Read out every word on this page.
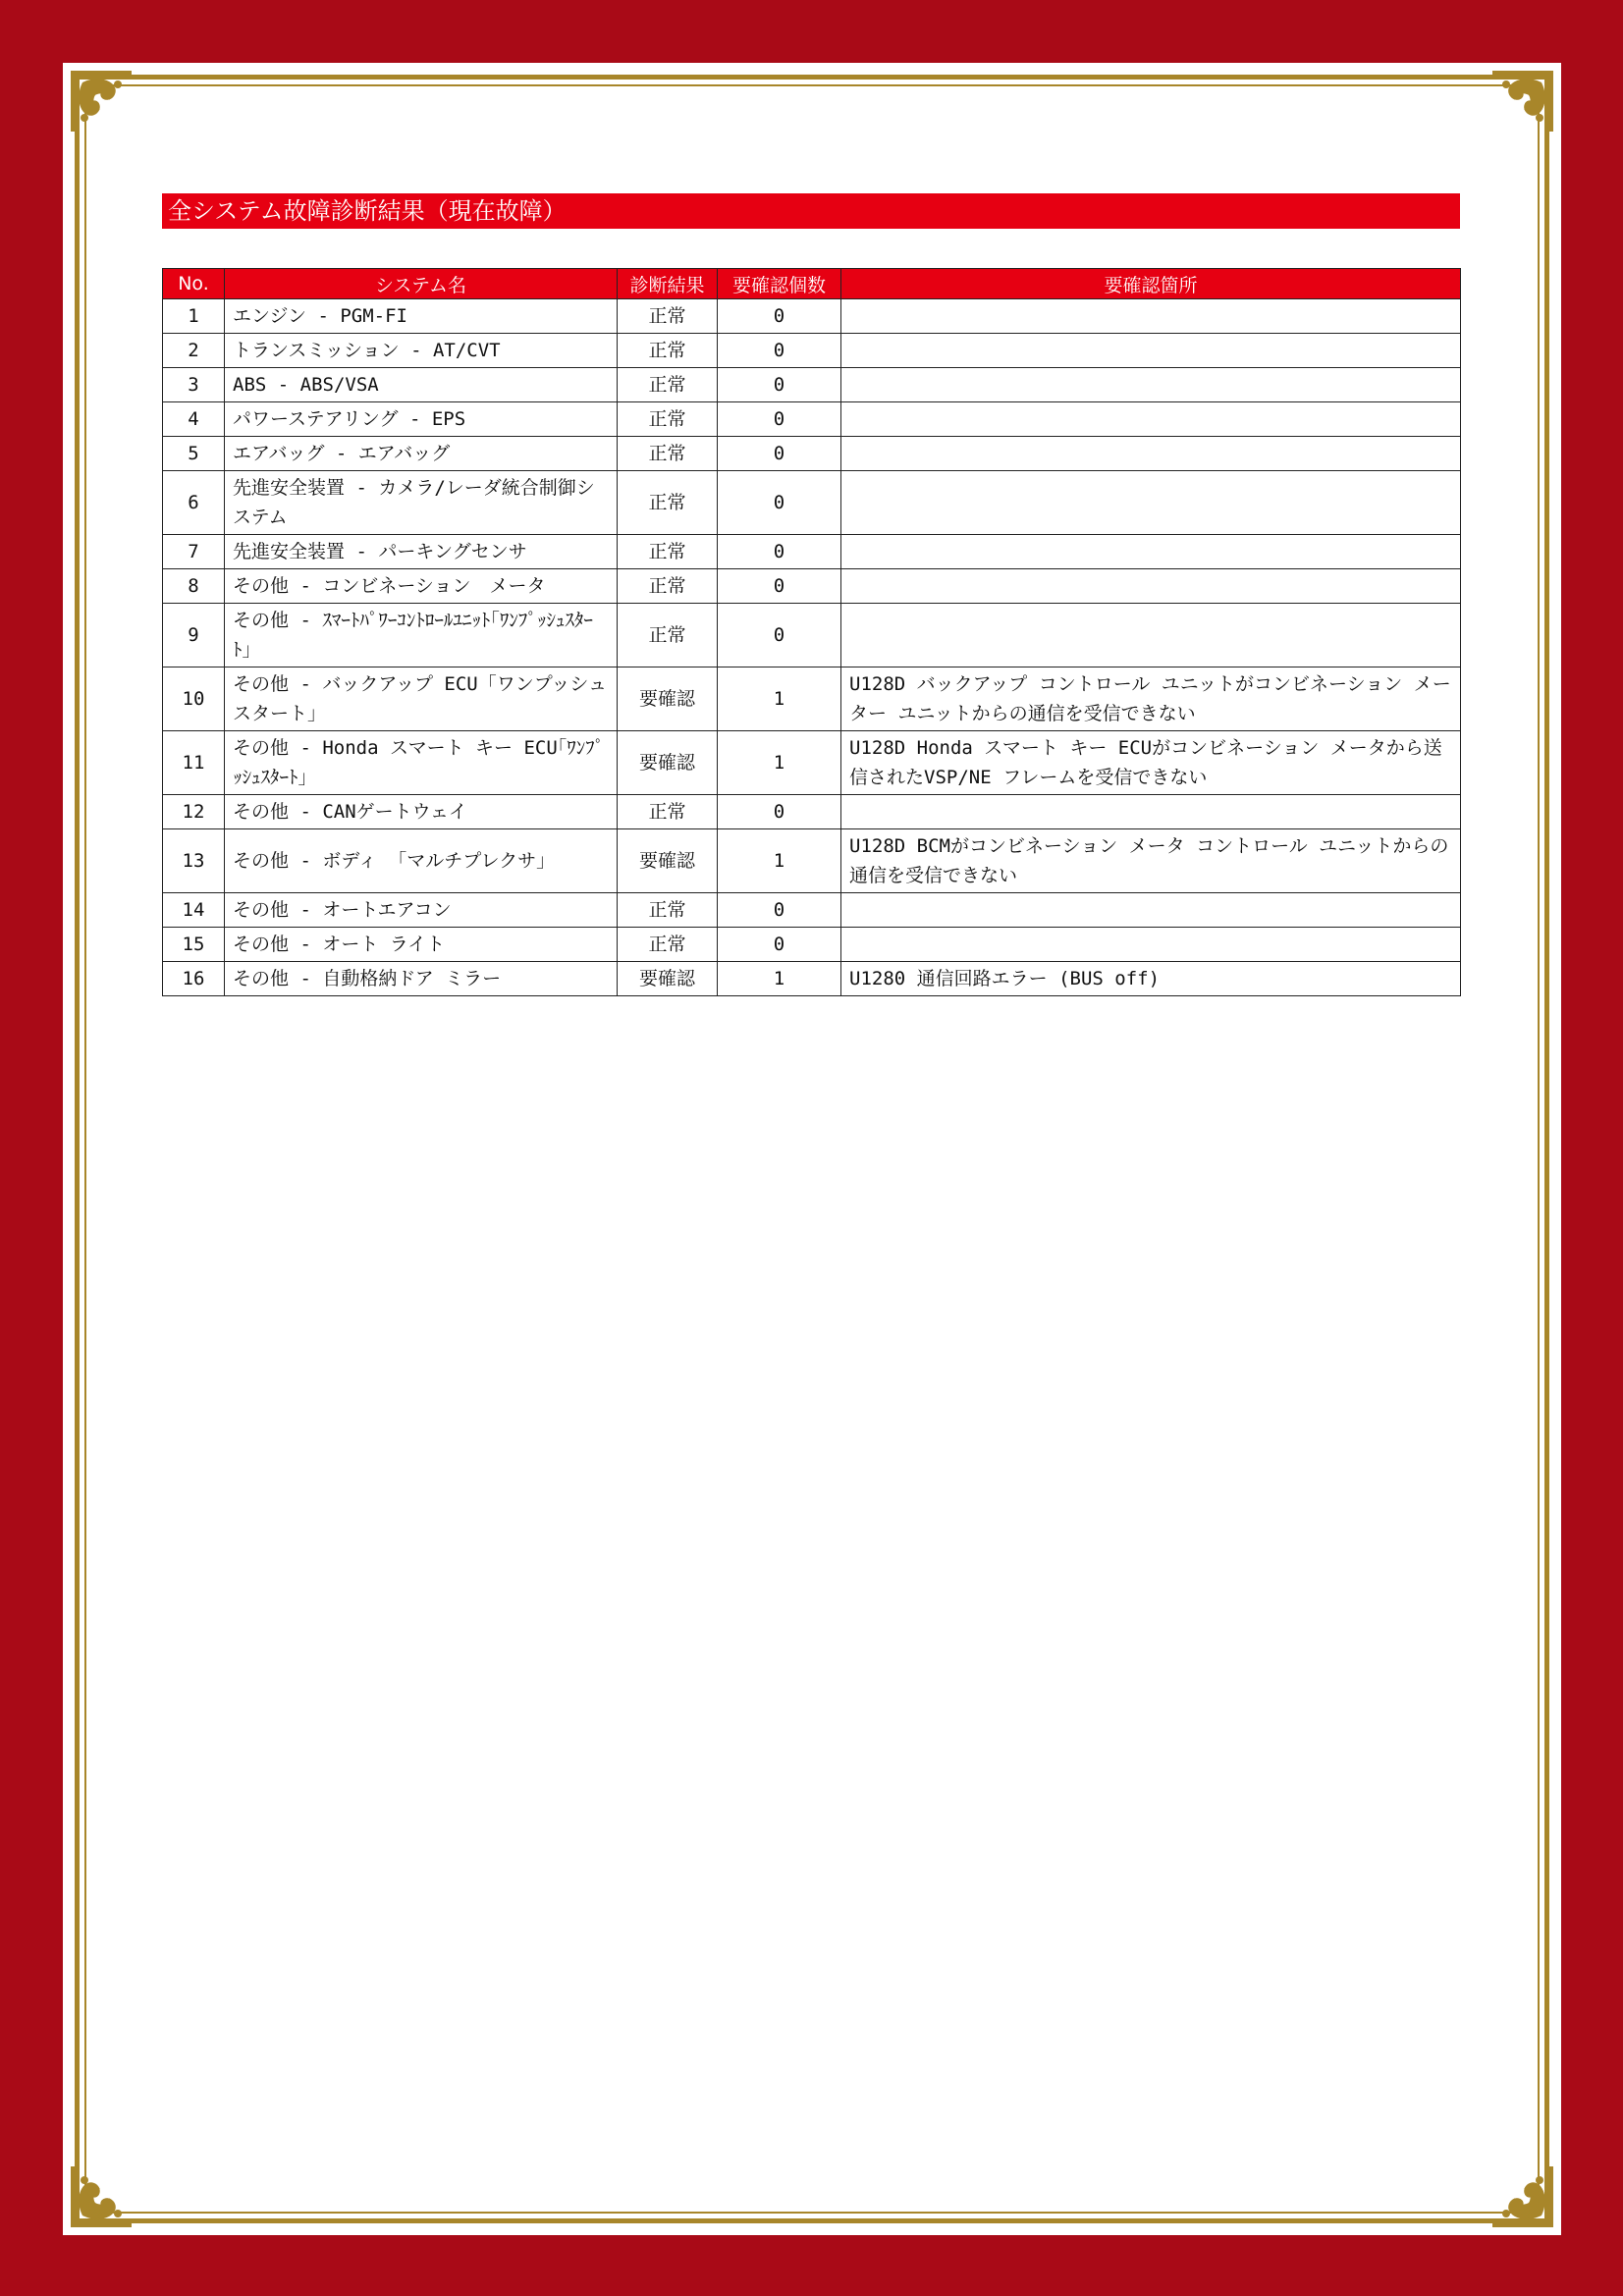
全システム故障診断結果（現在故障）
No.	システム名	診断結果	要確認個数	要確認箇所
1	エンジン - PGM-FI	正常	0	
2	トランスミッション - AT/CVT	正常	0	
3	ABS - ABS/VSA	正常	0	
4	パワーステアリング - EPS	正常	0	
5	エアバッグ - エアバッグ	正常	0	
6	先進安全装置 - カメラ/レーダ統合制御システム	正常	0	
7	先進安全装置 - パーキングセンサ	正常	0	
8	その他 - コンビネーション　メータ	正常	0	
9	その他 - ｽﾏｰﾄﾊﾟﾜｰｺﾝﾄﾛｰﾙﾕﾆｯﾄ｢ﾜﾝﾌﾟｯｼｭｽﾀｰﾄ｣	正常	0	
10	その他 - バックアップ ECU「ワンプッシュスタート」	要確認	1	U128D バックアップ コントロール ユニットがコンビネーション メーター ユニットからの通信を受信できない
11	その他 - Honda スマート キー ECU｢ﾜﾝﾌﾟｯｼｭｽﾀｰﾄ｣	要確認	1	U128D Honda スマート キー ECUがコンビネーション メータから送信されたVSP/NE フレームを受信できない
12	その他 - CANゲートウェイ	正常	0	
13	その他 - ボディ 「マルチプレクサ」	要確認	1	U128D BCMがコンビネーション メータ コントロール ユニットからの通信を受信できない
14	その他 - オートエアコン	正常	0	
15	その他 - オート ライト	正常	0	
16	その他 - 自動格納ドア ミラー	要確認	1	U1280 通信回路エラー (BUS off)
